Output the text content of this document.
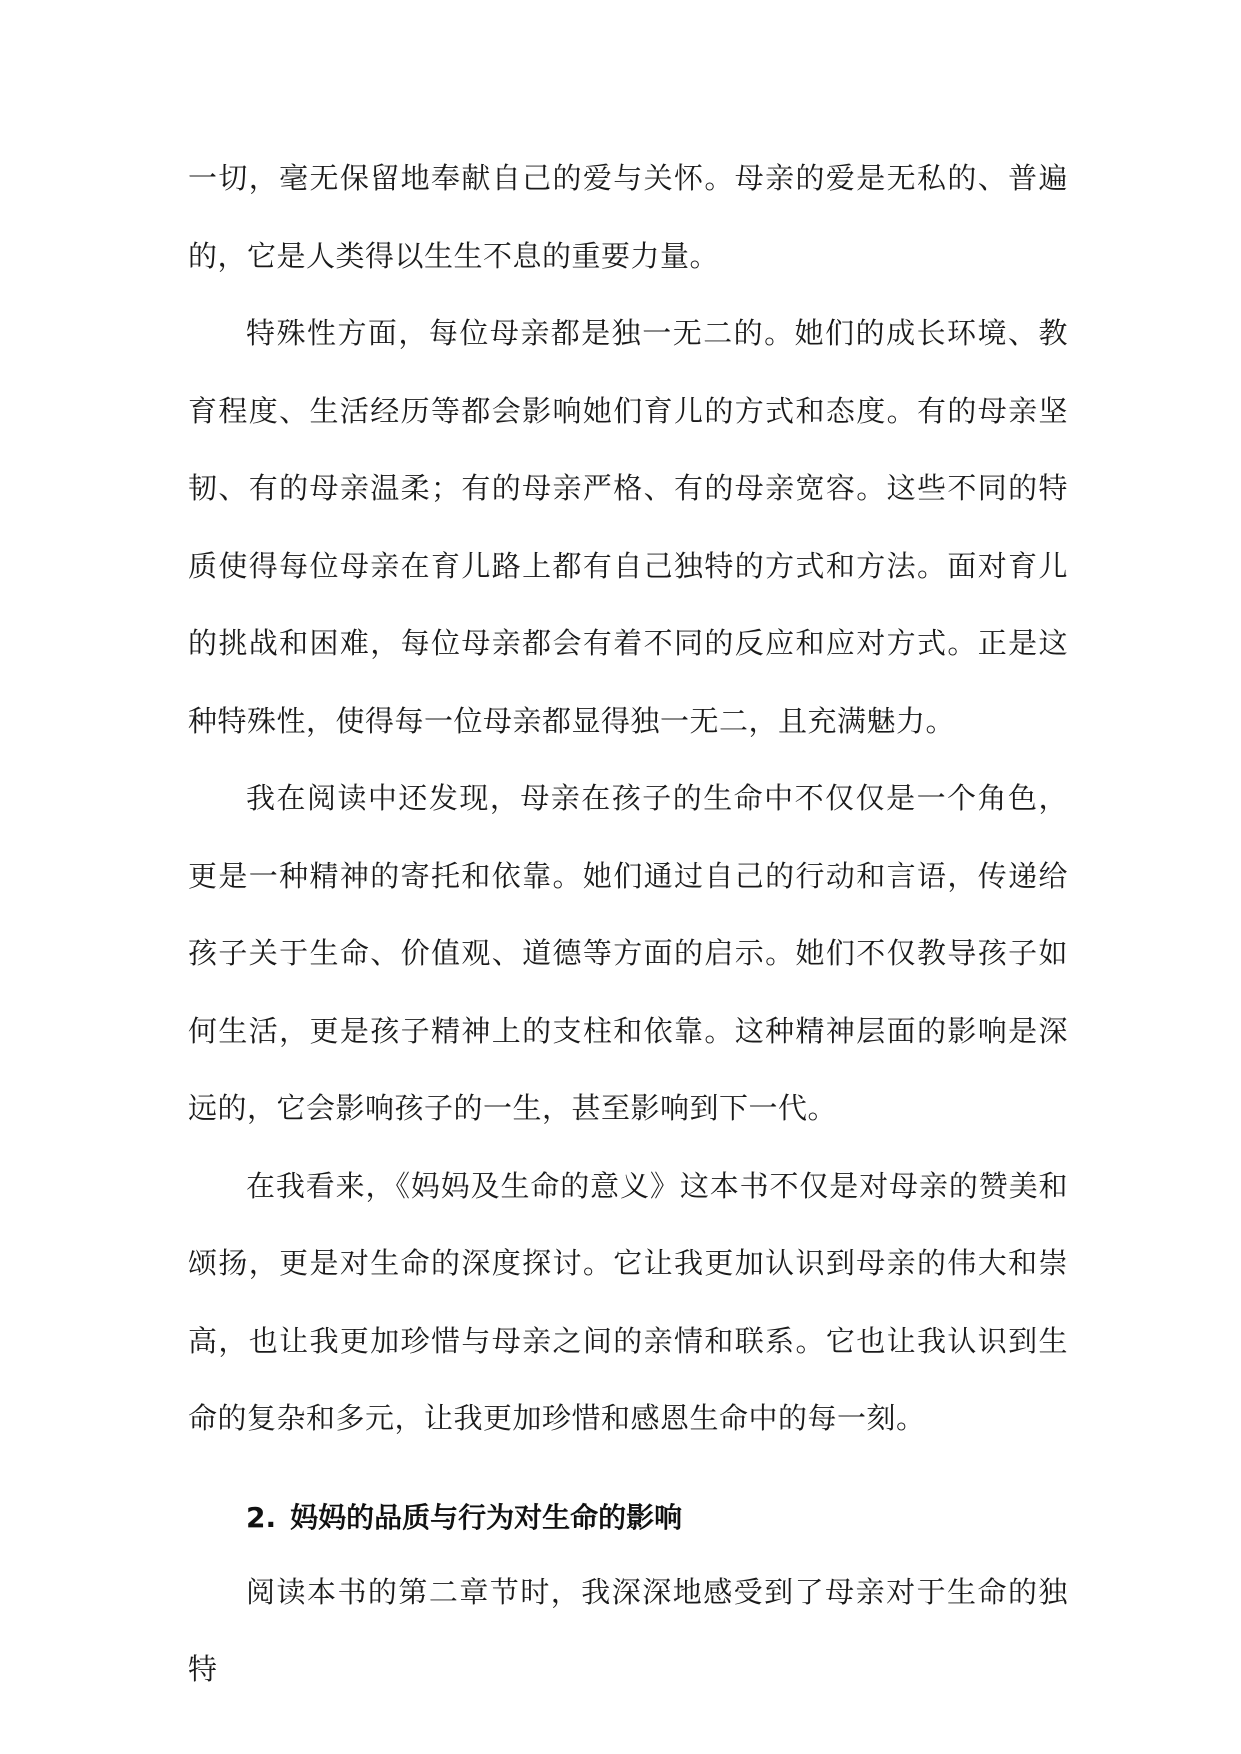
一切，毫无保留地奉献自己的爱与关怀。母亲的爱是无私的、普遍的，它是人类得以生生不息的重要力量。

特殊性方面，每位母亲都是独一无二的。她们的成长环境、教育程度、生活经历等都会影响她们育儿的方式和态度。有的母亲坚韧、有的母亲温柔；有的母亲严格、有的母亲宽容。这些不同的特质使得每位母亲在育儿路上都有自己独特的方式和方法。面对育儿的挑战和困难，每位母亲都会有着不同的反应和应对方式。正是这种特殊性，使得每一位母亲都显得独一无二，且充满魅力。

我在阅读中还发现，母亲在孩子的生命中不仅仅是一个角色，更是一种精神的寄托和依靠。她们通过自己的行动和言语，传递给孩子关于生命、价值观、道德等方面的启示。她们不仅教导孩子如何生活，更是孩子精神上的支柱和依靠。这种精神层面的影响是深远的，它会影响孩子的一生，甚至影响到下一代。

在我看来，《妈妈及生命的意义》这本书不仅是对母亲的赞美和颂扬，更是对生命的深度探讨。它让我更加认识到母亲的伟大和崇高，也让我更加珍惜与母亲之间的亲情和联系。它也让我认识到生命的复杂和多元，让我更加珍惜和感恩生命中的每一刻。

2. 妈妈的品质与行为对生命的影响

阅读本书的第二章节时，我深深地感受到了母亲对于生命的独特
